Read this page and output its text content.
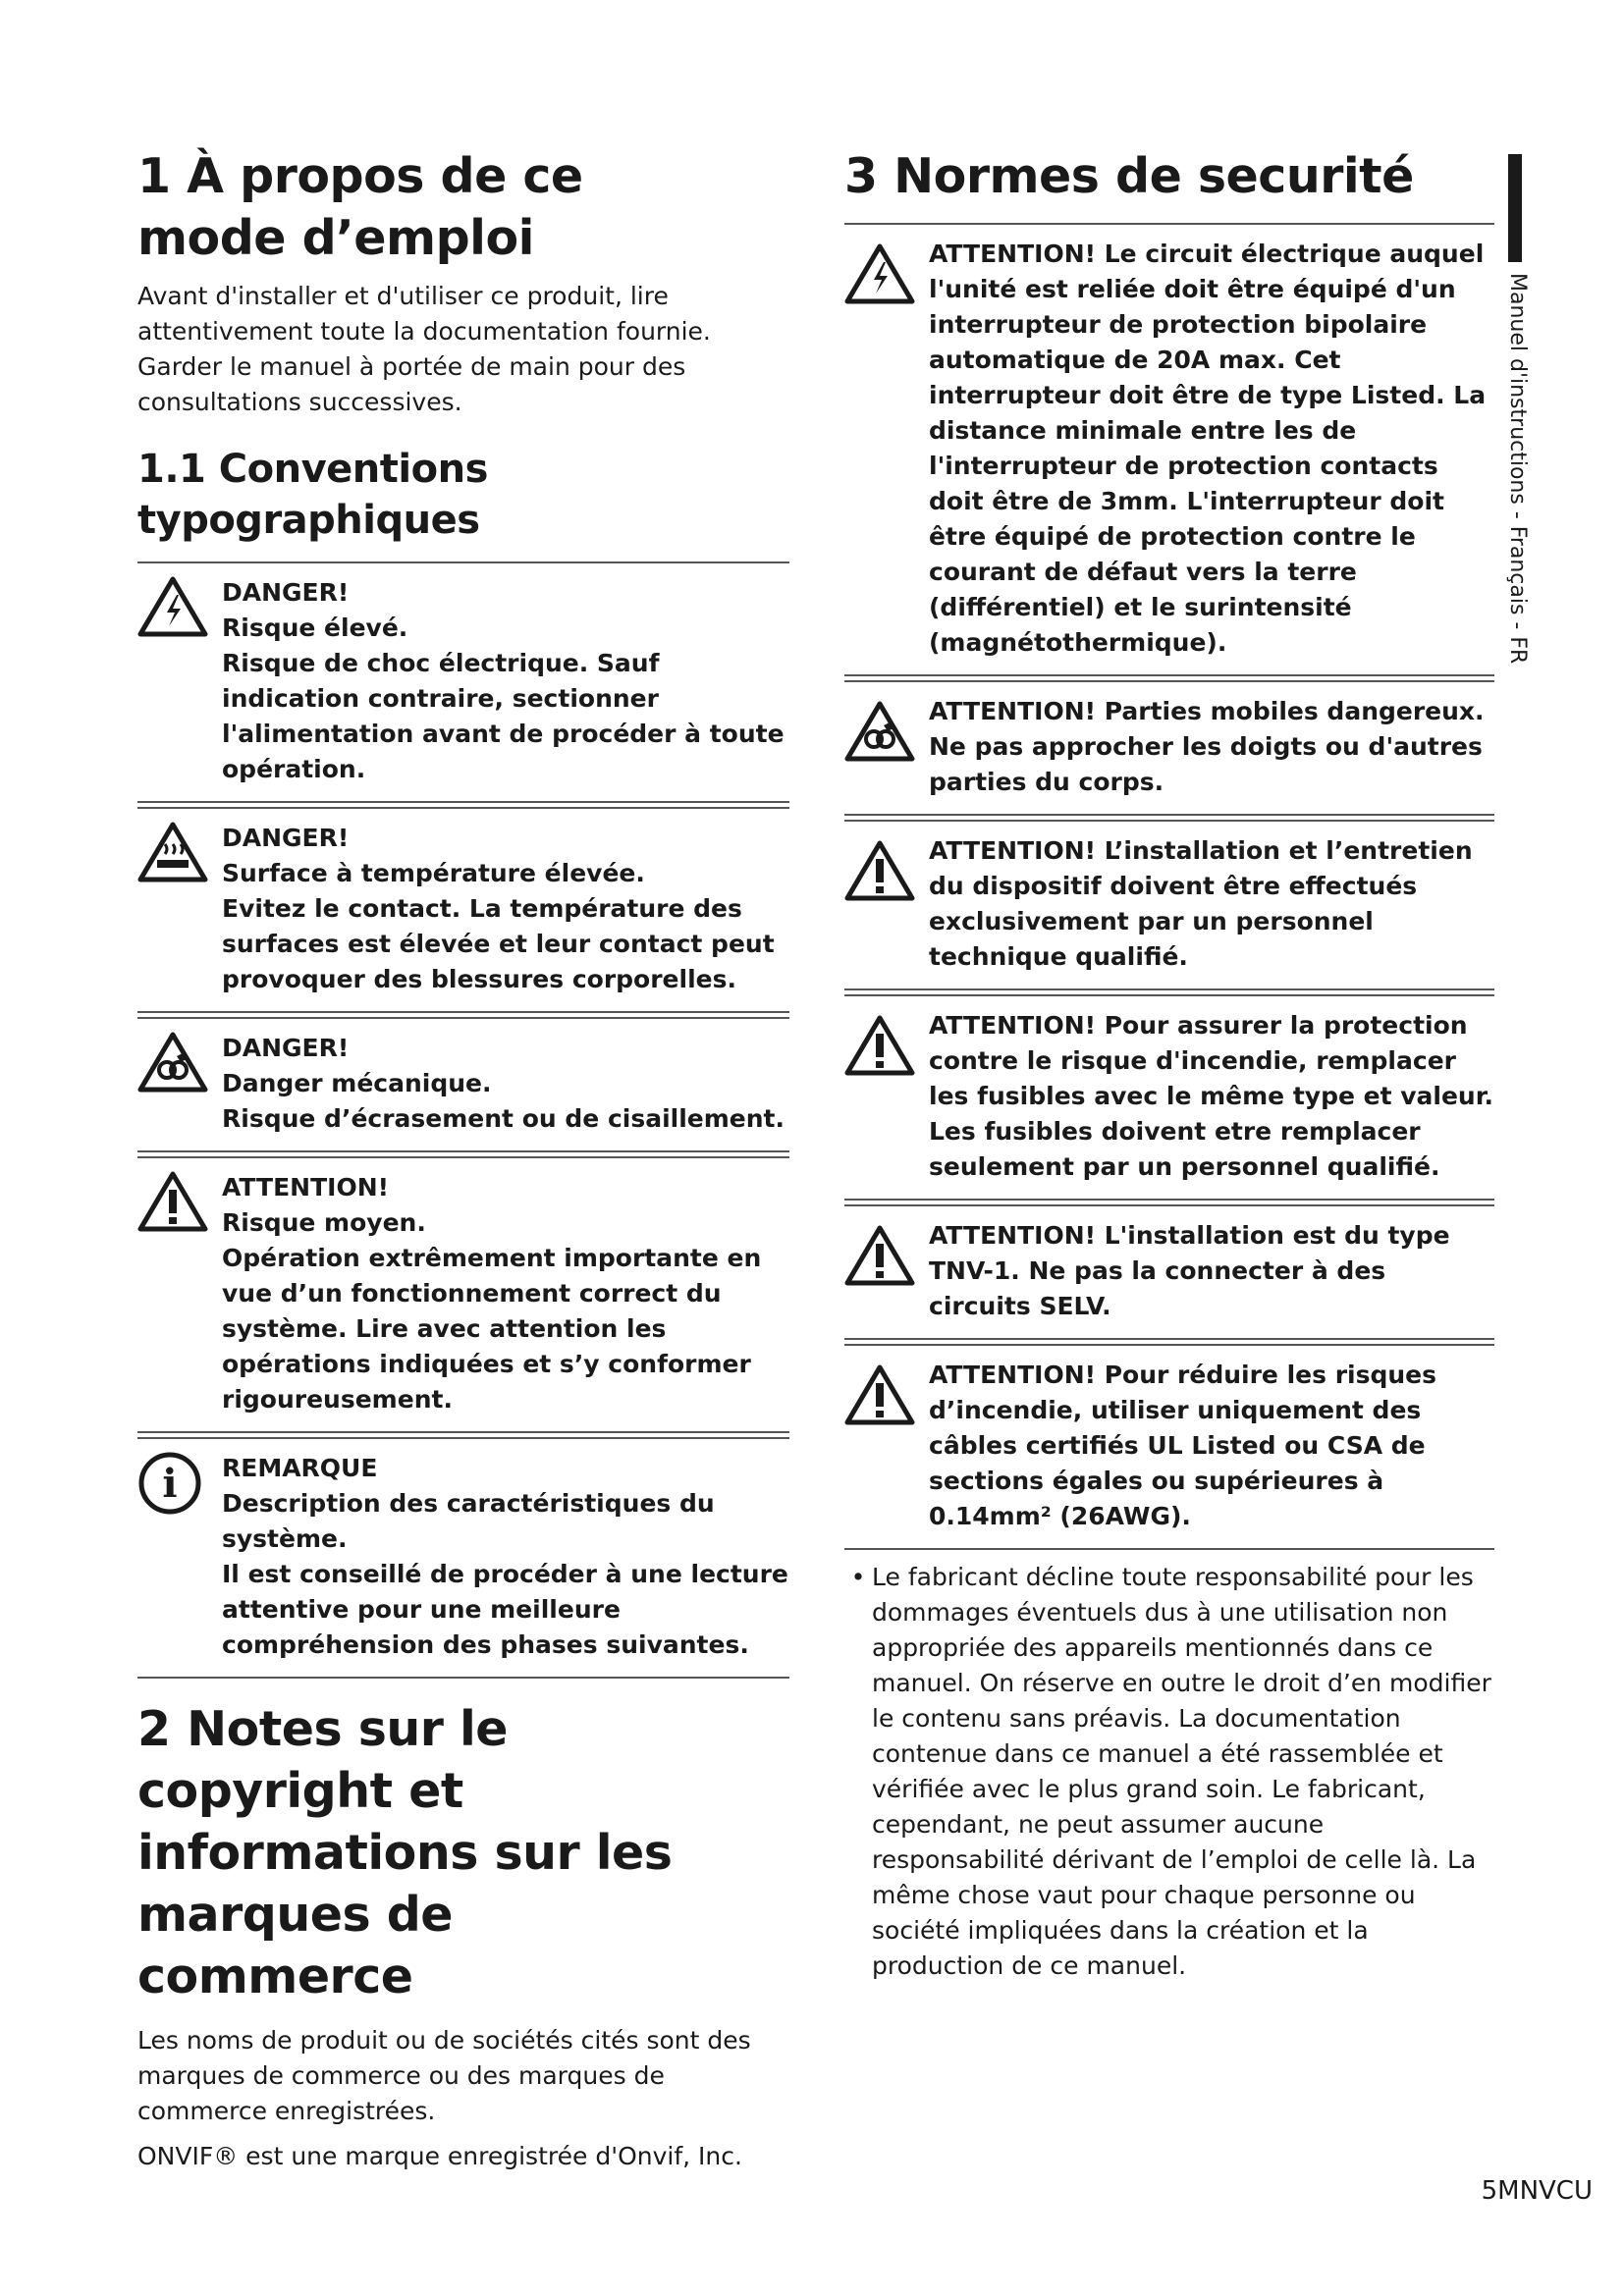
1 À propos de ce mode d’emploi

Avant d'installer et d'utiliser ce produit, lire attentivement toute la documentation fournie. Garder le manuel à portée de main pour des consultations successives.

1.1 Conventions typographiques
DANGER!
Risque élevé.
Risque de choc électrique. Sauf indication contraire, sectionner l'alimentation avant de procéder à toute opération.
DANGER!
Surface à température élevée.
Evitez le contact. La température des surfaces est élevée et leur contact peut provoquer des blessures corporelles.
DANGER!
Danger mécanique.
Risque d’écrasement ou de cisaillement.
ATTENTION!
Risque moyen.
Opération extrêmement importante en vue d’un fonctionnement correct du système. Lire avec attention les opérations indiquées et s’y conformer rigoureusement.
i REMARQUE
Description des caractéristiques du système.
Il est conseillé de procéder à une lecture attentive pour une meilleure compréhension des phases suivantes.
2 Notes sur le copyright et informations sur les marques de commerce

Les noms de produit ou de sociétés cités sont des marques de commerce ou des marques de commerce enregistrées.

ONVIF® est une marque enregistrée d'Onvif, Inc.

3 Normes de securité
ATTENTION! Le circuit électrique auquel l'unité est reliée doit être équipé d'un interrupteur de protection bipolaire automatique de 20A max. Cet interrupteur doit être de type Listed. La distance minimale entre les de l'interrupteur de protection contacts doit être de 3mm. L'interrupteur doit être équipé de protection contre le courant de défaut vers la terre (différentiel) et le surintensité (magnétothermique).
ATTENTION! Parties mobiles dangereux. Ne pas approcher les doigts ou d'autres parties du corps.
ATTENTION! L’installation et l’entretien du dispositif doivent être effectués exclusivement par un personnel technique qualifié.
ATTENTION! Pour assurer la protection contre le risque d'incendie, remplacer les fusibles avec le même type et valeur. Les fusibles doivent etre remplacer seulement par un personnel qualifié.
ATTENTION! L'installation est du type TNV-1. Ne pas la connecter à des circuits SELV.
ATTENTION! Pour réduire les risques d’incendie, utiliser uniquement des câbles certifiés UL Listed ou CSA de sections égales ou supérieures à 0.14mm² (26AWG).
• Le fabricant décline toute responsabilité pour les dommages éventuels dus à une utilisation non appropriée des appareils mentionnés dans ce manuel. On réserve en outre le droit d’en modifier le contenu sans préavis. La documentation contenue dans ce manuel a été rassemblée et vérifiée avec le plus grand soin. Le fabricant, cependant, ne peut assumer aucune responsabilité dérivant de l’emploi de celle là. La même chose vaut pour chaque personne ou société impliquées dans la création et la production de ce manuel.
Manuel d'instructions - Français - FR
5MNVCU
